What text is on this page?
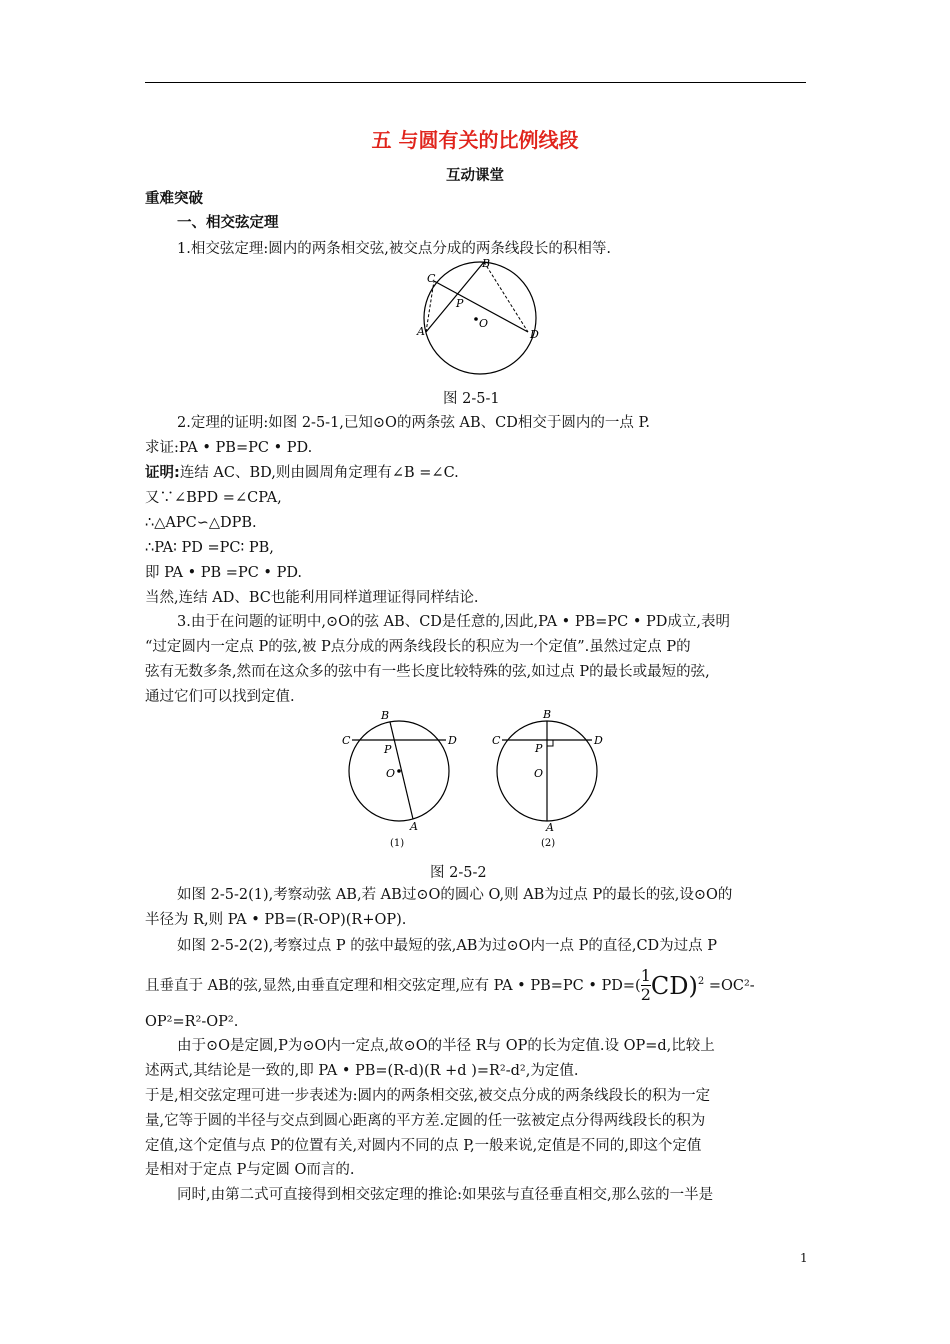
五 与圆有关的比例线段
互动课堂
重难突破
一、相交弦定理
1.相交弦定理:圆内的两条相交弦,被交点分成的两条线段长的积相等.
A
B
C
D
P
O
图 2-5-1
2.定理的证明:如图 2-5-1,已知⊙O的两条弦 AB、CD相交于圆内的一点 P.
求证:PA • PB=PC • PD.
证明:连结 AC、BD,则由圆周角定理有∠B =∠C.
又∵∠BPD =∠CPA,
∴△APC∽△DPB.
∴PA∶ PD =PC∶ PB,
即 PA • PB =PC • PD.
当然,连结 AD、BC也能利用同样道理证得同样结论.
3.由于在问题的证明中,⊙O的弦 AB、CD是任意的,因此,PA • PB=PC • PD成立,表明
“过定圆内一定点 P的弦,被 P点分成的两条线段长的积应为一个定值”.虽然过定点 P的
弦有无数多条,然而在这众多的弦中有一些长度比较特殊的弦,如过点 P的最长或最短的弦,
通过它们可以找到定值.
B
C	D
P
O
A
(1)
B
C	D
P
O
A
(2)
图 2-5-2
如图 2-5-2(1),考察动弦 AB,若 AB过⊙O的圆心 O,则 AB为过点 P的最长的弦,设⊙O的
半径为 R,则 PA • PB=(R-OP)(R+OP).
如图 2-5-2(2),考察过点 P 的弦中最短的弦,AB为过⊙O内一点 P的直径,CD为过点 P
且垂直于 AB的弦,显然,由垂直定理和相交弦定理,应有 PA • PB=PC • $PD=( \frac{1}{2} CD)^2 =OC^2-$
OP²=R²-OP².
由于⊙O是定圆,P为⊙O内一定点,故⊙O的半径 R与 OP的长为定值.设 OP=d,比较上
述两式,其结论是一致的,即 PA • PB=(R-d)(R +d )=R²-d²,为定值.
于是,相交弦定理可进一步表述为:圆内的两条相交弦,被交点分成的两条线段长的积为一定
量,它等于圆的半径与交点到圆心距离的平方差.定圆的任一弦被定点分得两线段长的积为
定值,这个定值与点 P的位置有关,对圆内不同的点 P,一般来说,定值是不同的,即这个定值
是相对于定点 P与定圆 O而言的.
同时,由第二式可直接得到相交弦定理的推论:如果弦与直径垂直相交,那么弦的一半是
1
